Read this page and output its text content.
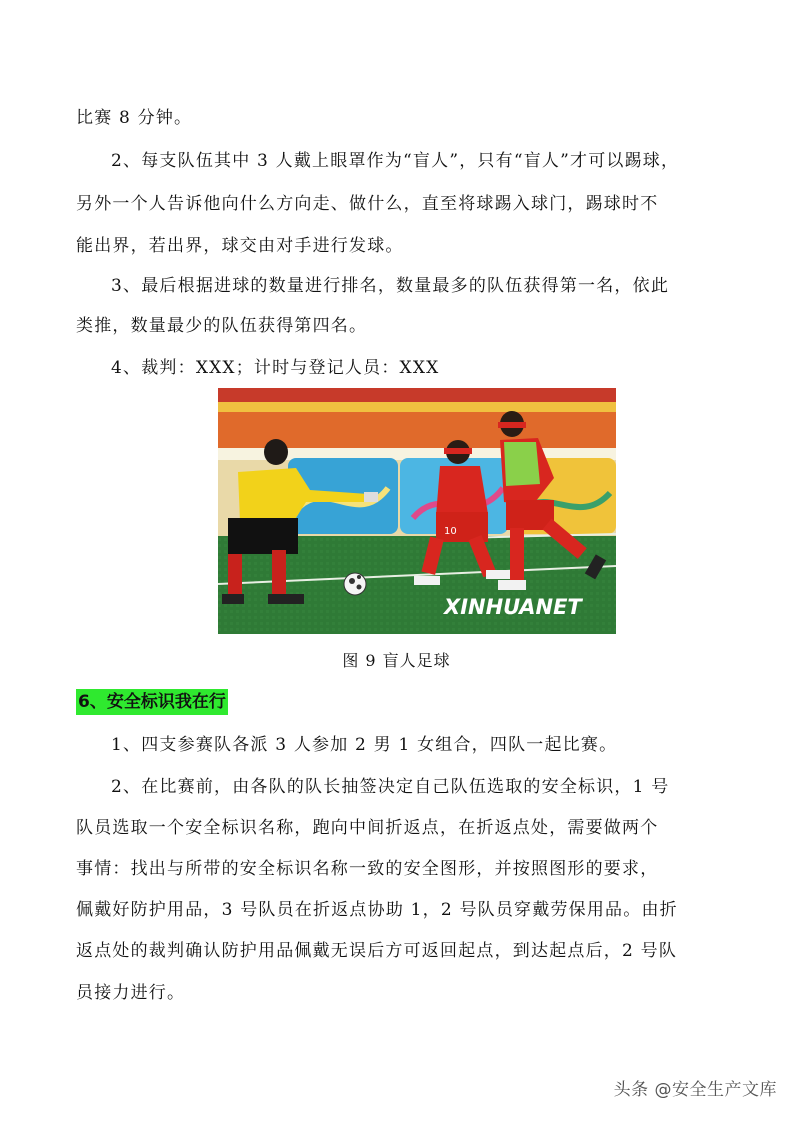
比赛 8 分钟。
2、每支队伍其中 3 人戴上眼罩作为“盲人”，只有“盲人”才可以踢球，
另外一个人告诉他向什么方向走、做什么，直至将球踢入球门，踢球时不
能出界，若出界，球交由对手进行发球。
3、最后根据进球的数量进行排名，数量最多的队伍获得第一名，依此
类推，数量最少的队伍获得第四名。
4、裁判：XXX；计时与登记人员：XXX
10
XINHUANET
图 9 盲人足球
6、安全标识我在行
1、四支参赛队各派 3 人参加 2 男 1 女组合，四队一起比赛。
2、在比赛前，由各队的队长抽签决定自己队伍选取的安全标识，1 号
队员选取一个安全标识名称，跑向中间折返点，在折返点处，需要做两个
事情：找出与所带的安全标识名称一致的安全图形，并按照图形的要求，
佩戴好防护用品，3 号队员在折返点协助 1，2 号队员穿戴劳保用品。由折
返点处的裁判确认防护用品佩戴无误后方可返回起点，到达起点后，2 号队
员接力进行。
头条 @安全生产文库
